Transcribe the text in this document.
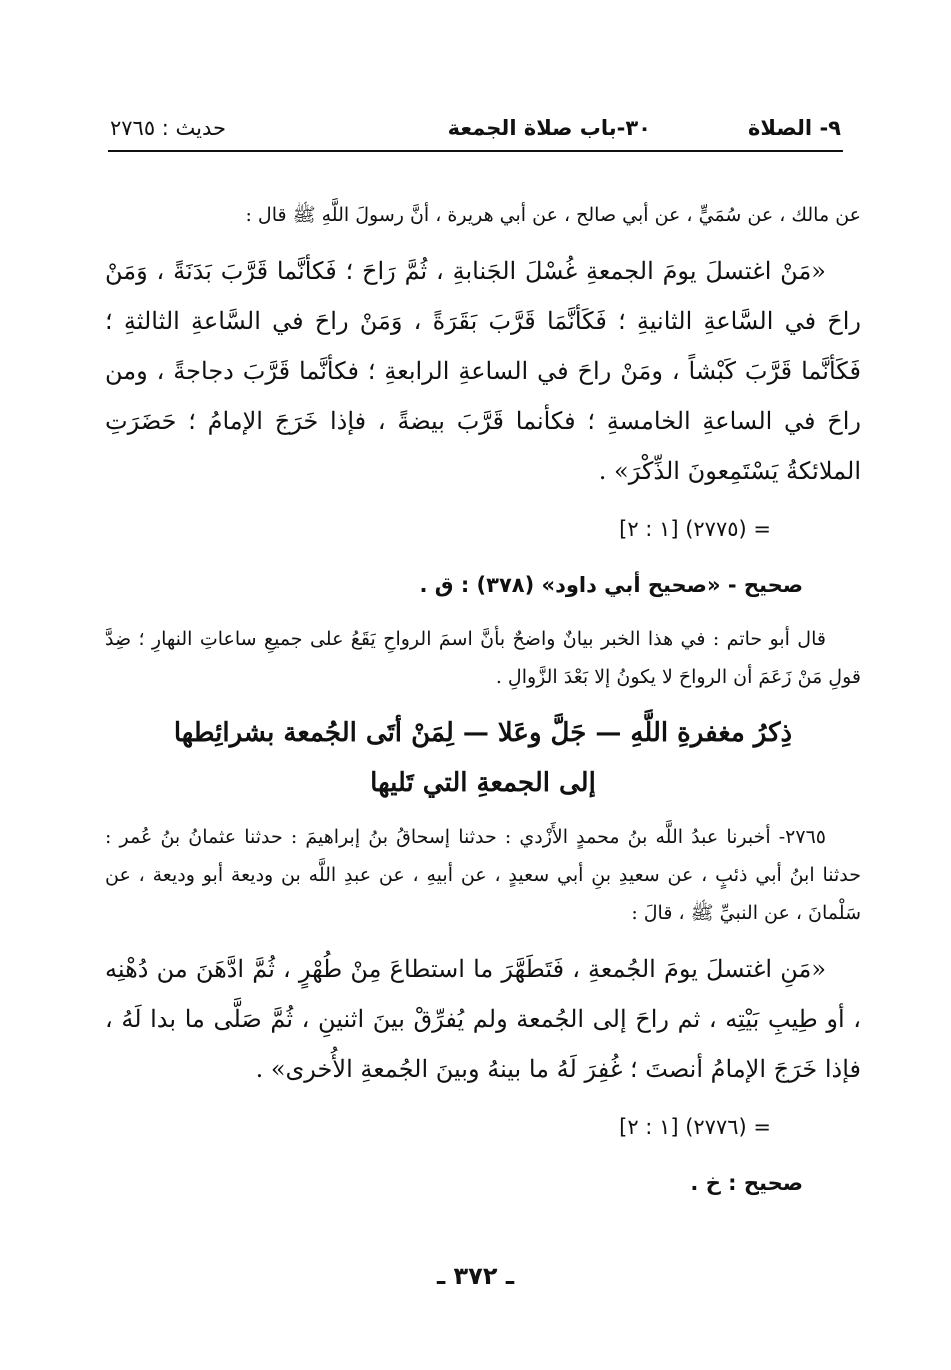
٩- الصلاة
٣٠-باب صلاة الجمعة
حديث : ٢٧٦٥

عن مالك ، عن سُمَيٍّ ، عن أبي صالح ، عن أبي هريرة ، أنَّ رسولَ اللَّهِ ﷺ قال :

«مَنْ اغتسلَ يومَ الجمعةِ غُسْلَ الجَنابةِ ، ثُمَّ رَاحَ ؛ فَكأنَّما قَرَّبَ بَدَنَةً ، وَمَنْ راحَ في السَّاعةِ الثانيةِ ؛ فَكَأنَّمَا قَرَّبَ بَقَرَةً ، وَمَنْ راحَ في السَّاعةِ الثالثةِ ؛ فَكَأنَّما قَرَّبَ كَبْشاً ، ومَنْ راحَ في الساعةِ الرابعةِ ؛ فكأنَّما قَرَّبَ دجاجةً ، ومن راحَ في الساعةِ الخامسةِ ؛ فكأنما قَرَّبَ بيضةً ، فإذا خَرَجَ الإمامُ ؛ حَضَرَتِ الملائكةُ يَسْتَمِعونَ الذِّكْرَ» .

= (٢٧٧٥) [١ : ٢]

صحيح - «صحيح أبي داود» (٣٧٨) : ق .

قال أبو حاتم : في هذا الخبر بيانٌ واضحٌ بأنَّ اسمَ الرواحِ يَقَعُ على جميعِ ساعاتِ النهارِ ؛ ضِدَّ قولِ مَنْ زَعَمَ أن الرواحَ لا يكونُ إلا بَعْدَ الزَّوالِ .

ذِكرُ مغفرةِ اللَّهِ — جَلَّ وعَلا — لِمَنْ أتَى الجُمعة بشرائِطها
إلى الجمعةِ التي تَليها

٢٧٦٥- أخبرنا عبدُ اللَّه بنُ محمدٍ الأَزْدي : حدثنا إسحاقُ بنُ إبراهيمَ : حدثنا عثمانُ بنُ عُمر : حدثنا ابنُ أبي ذئبٍ ، عن سعيدِ بنِ أبي سعيدٍ ، عن أبيهِ ، عن عبدِ اللَّه بن وديعة أبو وديعة ، عن سَلْمانَ ، عن النبيِّ ﷺ ، قالَ :

«مَنِ اغتسلَ يومَ الجُمعةِ ، فَتَطَهَّرَ ما استطاعَ مِنْ طُهْرٍ ، ثُمَّ ادَّهَنَ من دُهْنِه ، أو طِيبِ بَيْتِه ، ثم راحَ إلى الجُمعة ولم يُفرِّقْ بينَ اثنينِ ، ثُمَّ صَلَّى ما بدا لَهُ ، فإذا خَرَجَ الإمامُ أنصتَ ؛ غُفِرَ لَهُ ما بينهُ وبينَ الجُمعةِ الأُخرى» .

= (٢٧٧٦) [١ : ٢]

صحيح : خ .

ـ ٣٧٢ ـ
